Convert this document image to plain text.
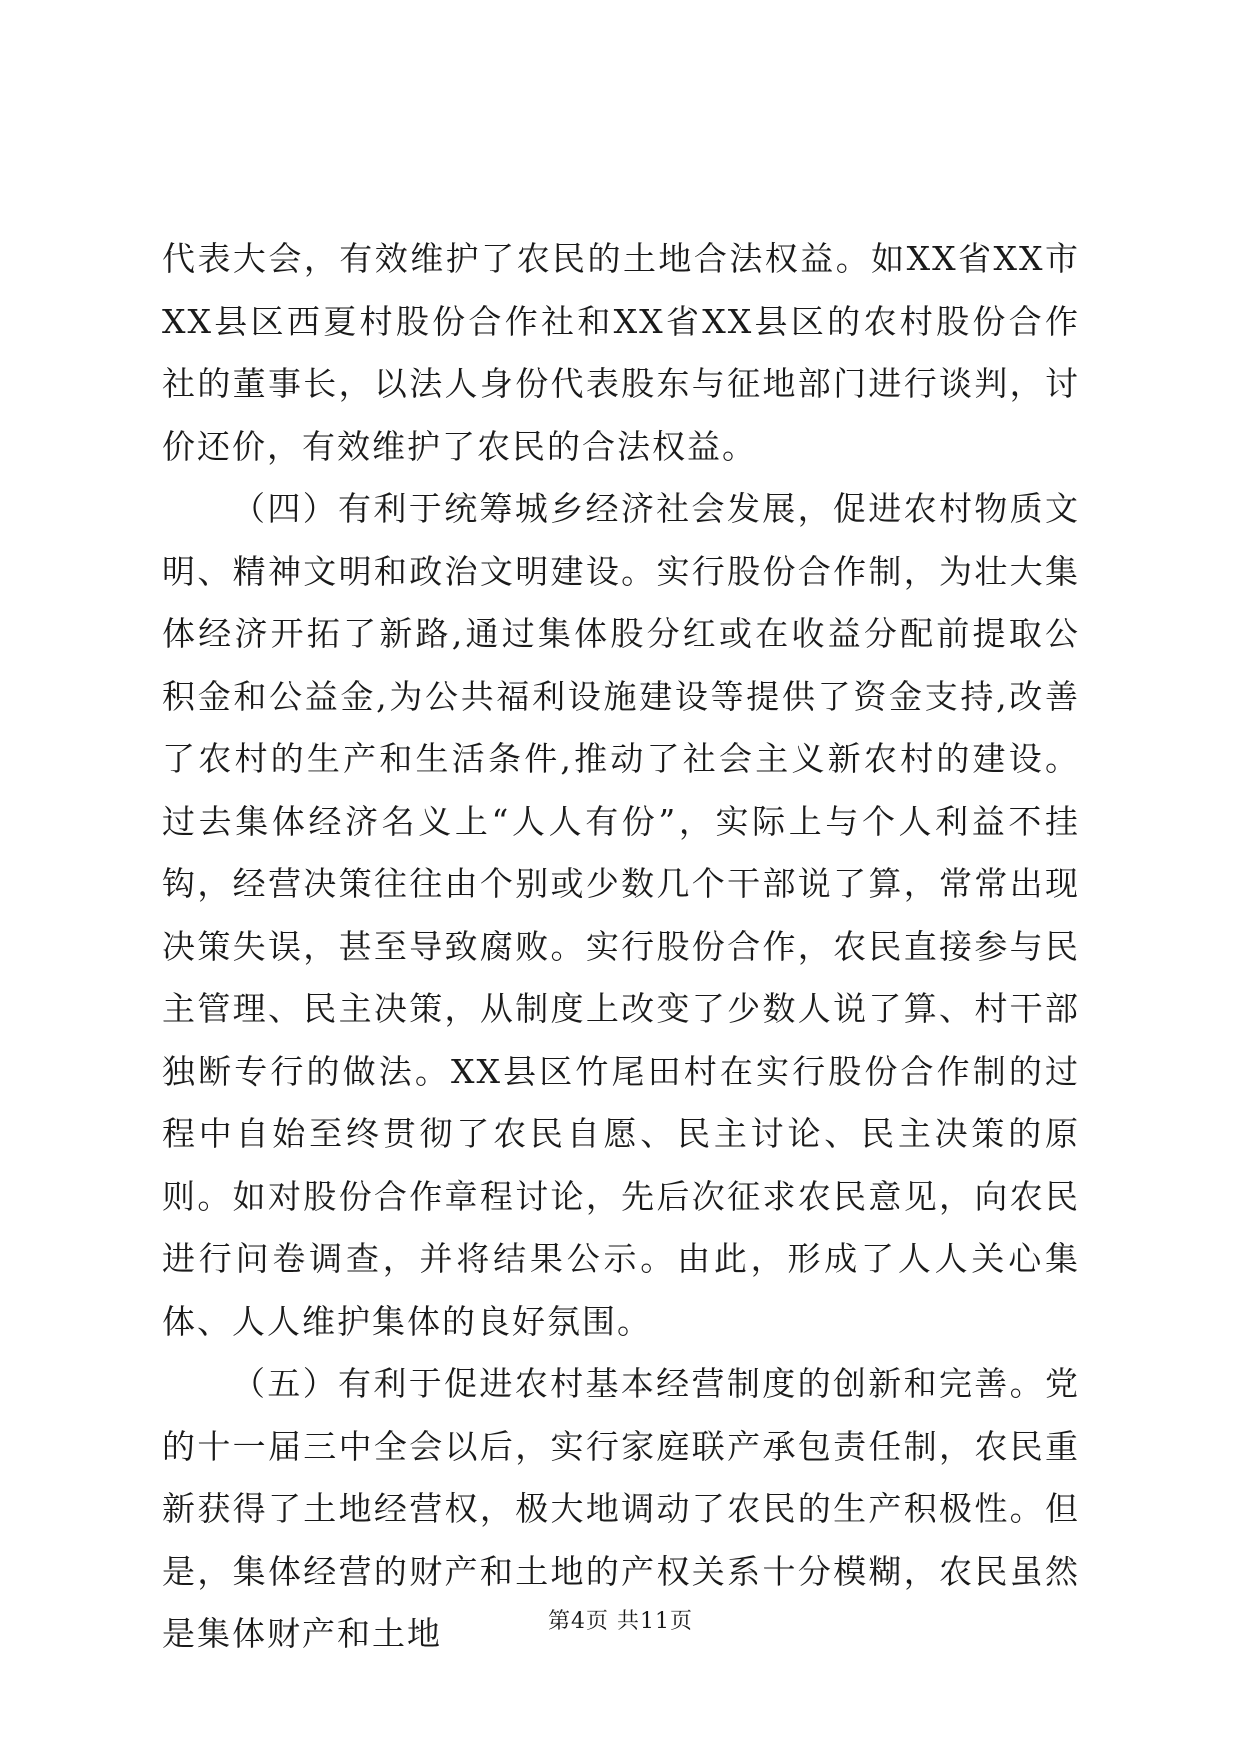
代表大会，有效维护了农民的土地合法权益。如XX省XX市XX县区西夏村股份合作社和XX省XX县区的农村股份合作社的董事长，以法人身份代表股东与征地部门进行谈判，讨价还价，有效维护了农民的合法权益。

（四）有利于统筹城乡经济社会发展，促进农村物质文明、精神文明和政治文明建设。实行股份合作制，为壮大集体经济开拓了新路,通过集体股分红或在收益分配前提取公积金和公益金,为公共福利设施建设等提供了资金支持,改善了农村的生产和生活条件,推动了社会主义新农村的建设。过去集体经济名义上“人人有份”，实际上与个人利益不挂钩，经营决策往往由个别或少数几个干部说了算，常常出现决策失误，甚至导致腐败。实行股份合作，农民直接参与民主管理、民主决策，从制度上改变了少数人说了算、村干部独断专行的做法。XX县区竹尾田村在实行股份合作制的过程中自始至终贯彻了农民自愿、民主讨论、民主决策的原则。如对股份合作章程讨论，先后次征求农民意见，向农民进行问卷调查，并将结果公示。由此，形成了人人关心集体、人人维护集体的良好氛围。

（五）有利于促进农村基本经营制度的创新和完善。党的十一届三中全会以后，实行家庭联产承包责任制，农民重新获得了土地经营权，极大地调动了农民的生产积极性。但是，集体经营的财产和土地的产权关系十分模糊，农民虽然是集体财产和土地	第4页 共11页
